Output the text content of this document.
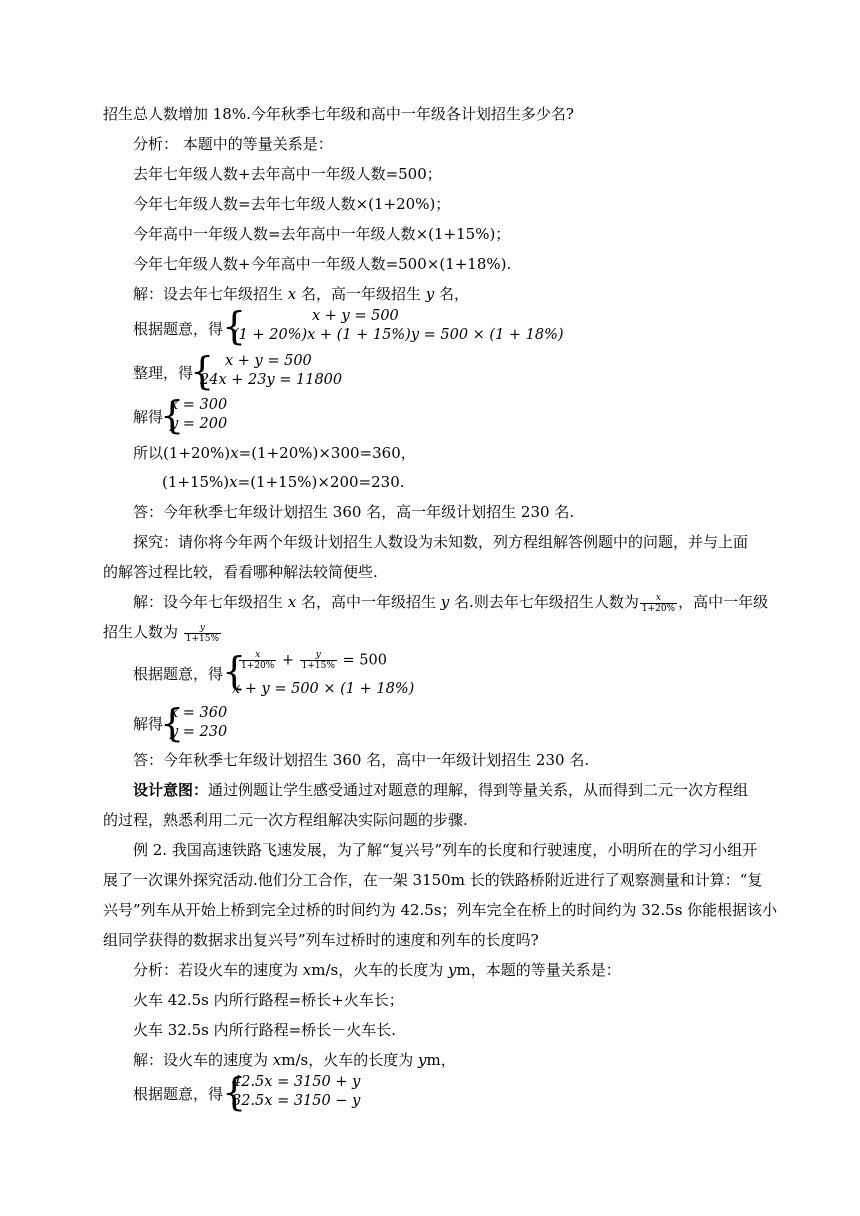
招生总人数增加 18%.今年秋季七年级和高中一年级各计划招生多少名?
分析： 本题中的等量关系是：
去年七年级人数+去年高中一年级人数=500；
今年七年级人数=去年七年级人数×(1+20%)；
今年高中一年级人数=去年高中一年级人数×(1+15%)；
今年七年级人数+今年高中一年级人数=500×(1+18%).
解：设去年七年级招生 x 名，高一年级招生 y 名，
根据题意，得
{	x + y = 500
(1 + 20%)x + (1 + 15%)y = 500 × (1 + 18%)
整理，得
{ x + y = 500
24x + 23y = 11800
解得
{
x = 300
y = 200
所以(1+20%)x=(1+20%)×300=360，
(1+15%)x=(1+15%)×200=230.
答：今年秋季七年级计划招生 360 名，高一年级计划招生 230 名.
探究：请你将今年两个年级计划招生人数设为未知数，列方程组解答例题中的问题，并与上面
的解答过程比较，看看哪种解法较简便些.
解：设今年七年级招生 x 名，高中一年级招生 y 名.则去年七年级招生人数为 $\frac{x}{1+20\%}$ ，高中一年级
招生人数为 $\frac{y}{1+15\%}$
根据题意，得
{
$\frac{x}{1+20\%} + \frac{y}{1+15\%} = 500$
x + y = 500 × (1 + 18%)
解得
{
x = 360
y = 230
答：今年秋季七年级计划招生 360 名，高中一年级计划招生 230 名.
设计意图：通过例题让学生感受通过对题意的理解，得到等量关系，从而得到二元一次方程组
的过程，熟悉利用二元一次方程组解决实际问题的步骤.
例 2. 我国高速铁路飞速发展，为了解“复兴号”列车的长度和行驶速度，小明所在的学习小组开
展了一次课外探究活动.他们分工合作，在一架 3150m 长的铁路桥附近进行了观察测量和计算：“复
兴号”列车从开始上桥到完全过桥的时间约为 42.5s；列车完全在桥上的时间约为 32.5s 你能根据该小
组同学获得的数据求出复兴号”列车过桥时的速度和列车的长度吗?
分析：若设火车的速度为 xm/s，火车的长度为 ym，本题的等量关系是：
火车 42.5s 内所行路程=桥长+火车长；
火车 32.5s 内所行路程=桥长－火车长.
解：设火车的速度为 xm/s，火车的长度为 ym，
根据题意，得
{
42.5x = 3150 + y
32.5x = 3150 − y
